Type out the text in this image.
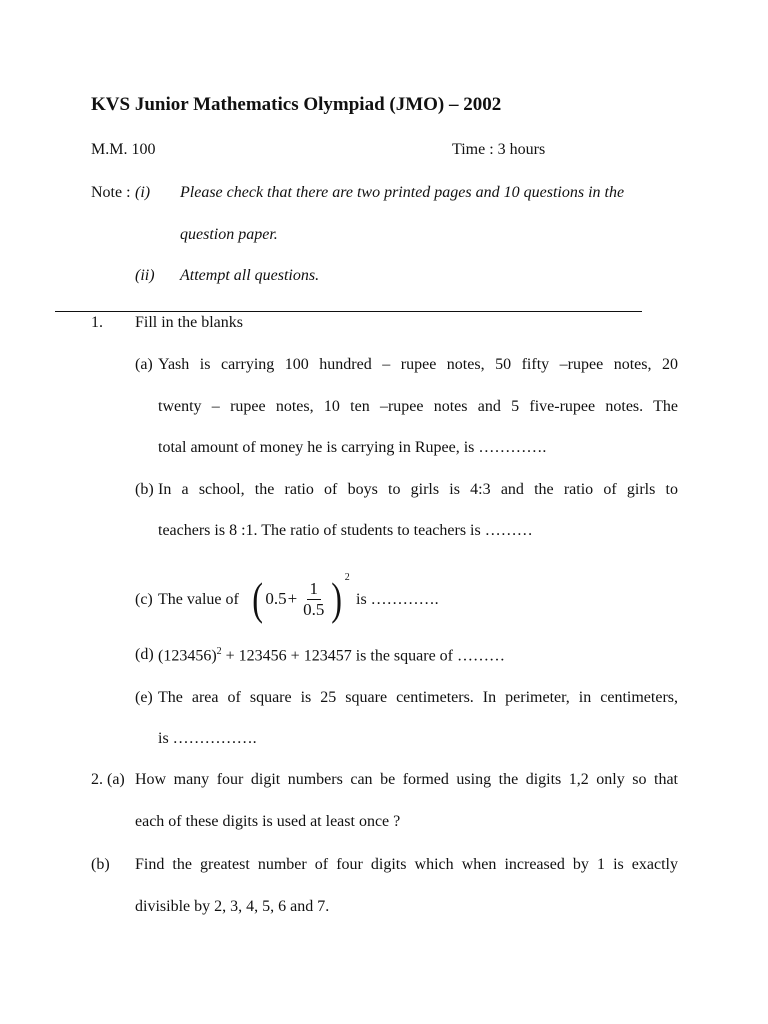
KVS Junior Mathematics Olympiad (JMO) – 2002
M.M. 100	Time : 3 hours
Note : (i) Please check that there are two printed pages and 10 questions in the
question paper.
(ii) Attempt all questions.
1. Fill in the blanks
(a) Yash is carrying 100 hundred – rupee notes, 50 fifty –rupee notes, 20
twenty – rupee notes, 10 ten –rupee notes and 5 five-rupee notes. The
total amount of money he is carrying in Rupee, is ………….
(b) In a school, the ratio of boys to girls is 4:3 and the ratio of girls to
teachers is 8 :1. The ratio of students to teachers is ………
(c) The value of ( $0.5 + \frac{1}{0.5}$ ) 2
is ………….
(d) $(123456)^2 + 123456 + 123457$ is the square of ………
(e) The area of square is 25 square centimeters. In perimeter, in centimeters,
is …………….
2. (a) How many four digit numbers can be formed using the digits 1,2 only so that
each of these digits is used at least once ?
(b) Find the greatest number of four digits which when increased by 1 is exactly
divisible by 2, 3, 4, 5, 6 and 7.
